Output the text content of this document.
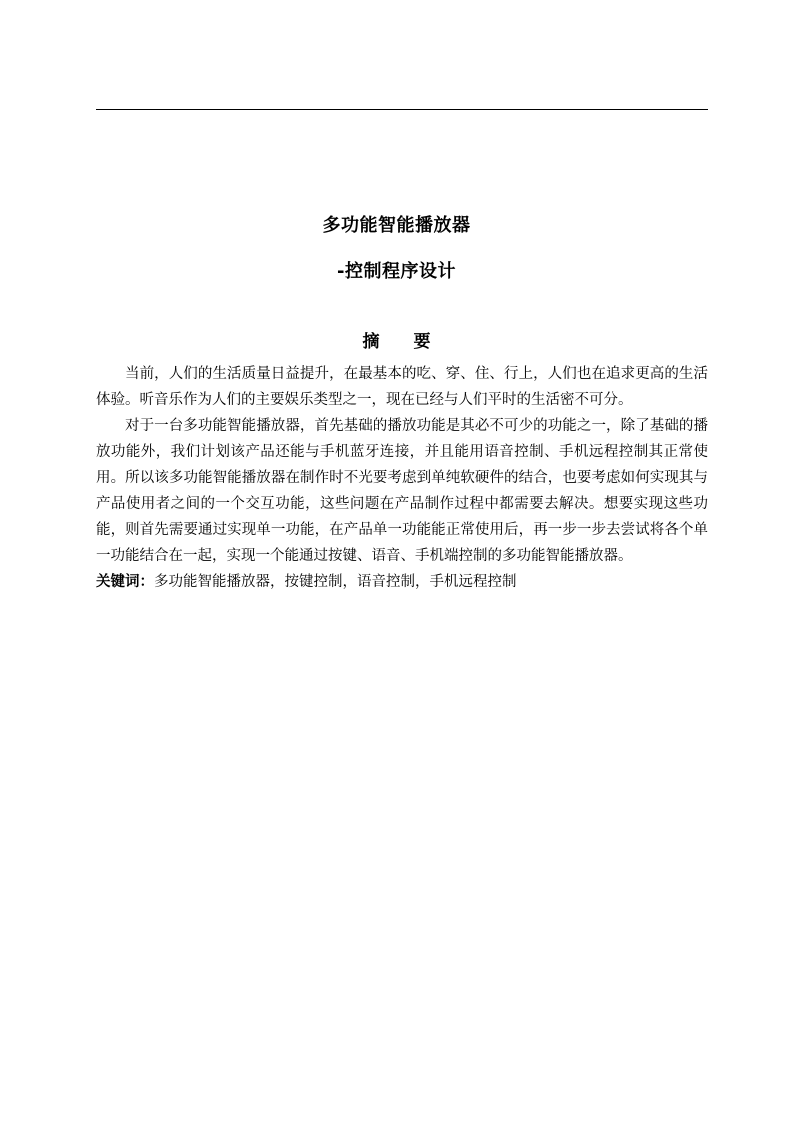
多功能智能播放器
-控制程序设计
摘 要

当前，人们的生活质量日益提升，在最基本的吃、穿、住、行上，人们也在追求更高的生活体验。听音乐作为人们的主要娱乐类型之一，现在已经与人们平时的生活密不可分。

对于一台多功能智能播放器，首先基础的播放功能是其必不可少的功能之一，除了基础的播放功能外，我们计划该产品还能与手机蓝牙连接，并且能用语音控制、手机远程控制其正常使用。所以该多功能智能播放器在制作时不光要考虑到单纯软硬件的结合，也要考虑如何实现其与产品使用者之间的一个交互功能，这些问题在产品制作过程中都需要去解决。想要实现这些功能，则首先需要通过实现单一功能，在产品单一功能能正常使用后，再一步一步去尝试将各个单一功能结合在一起，实现一个能通过按键、语音、手机端控制的多功能智能播放器。

关键词：多功能智能播放器，按键控制，语音控制，手机远程控制
